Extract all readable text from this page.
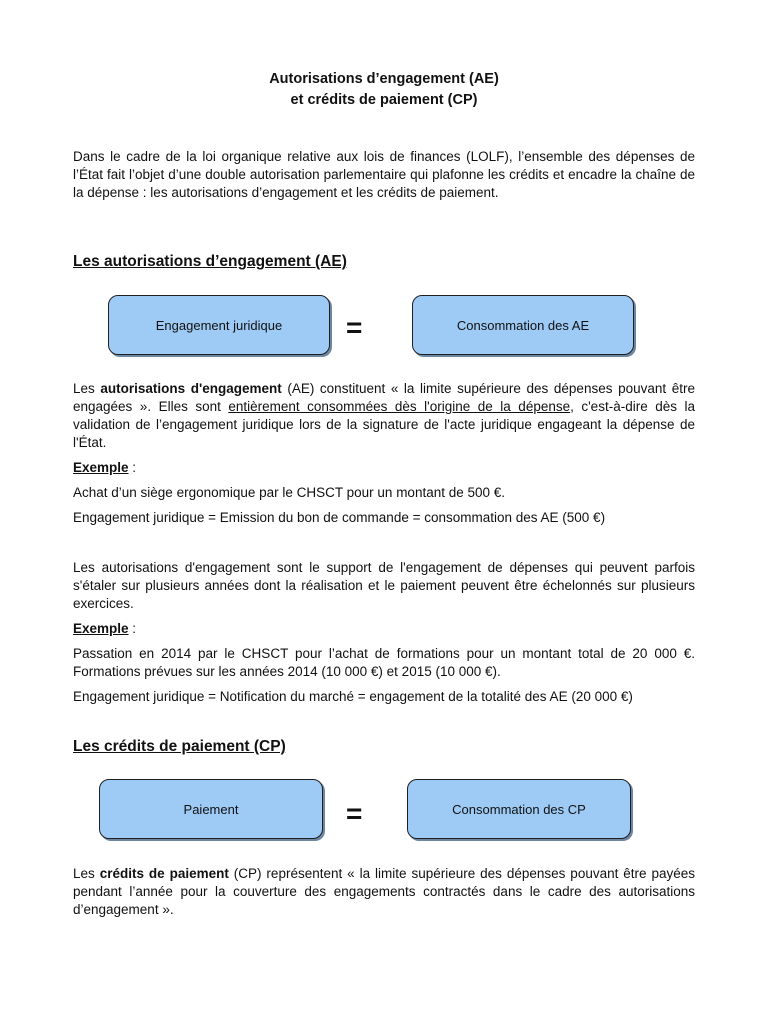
Autorisations d’engagement (AE)
et crédits de paiement (CP)

Dans le cadre de la loi organique relative aux lois de finances (LOLF), l’ensemble des dépenses de l’État fait l’objet d’une double autorisation parlementaire qui plafonne les crédits et encadre la chaîne de la dépense : les autorisations d’engagement et les crédits de paiement.

Les autorisations d’engagement (AE)
Engagement juridique	=	Consommation des AE

Les autorisations d'engagement (AE) constituent « la limite supérieure des dépenses pouvant être engagées ». Elles sont entièrement consommées dès l'origine de la dépense, c'est-à-dire dès la validation de l’engagement juridique lors de la signature de l'acte juridique engageant la dépense de l'État.

Exemple :

Achat d’un siège ergonomique par le CHSCT pour un montant de 500 €.

Engagement juridique = Emission du bon de commande = consommation des AE (500 €)

Les autorisations d'engagement sont le support de l'engagement de dépenses qui peuvent parfois s'étaler sur plusieurs années dont la réalisation et le paiement peuvent être échelonnés sur plusieurs exercices.

Exemple :

Passation en 2014 par le CHSCT pour l’achat de formations pour un montant total de 20 000 €. Formations prévues sur les années 2014 (10 000 €) et 2015 (10 000 €).

Engagement juridique = Notification du marché = engagement de la totalité des AE (20 000 €)

Les crédits de paiement (CP)
Paiement	=	Consommation des CP

Les crédits de paiement (CP) représentent « la limite supérieure des dépenses pouvant être payées pendant l’année pour la couverture des engagements contractés dans le cadre des autorisations d’engagement ».
